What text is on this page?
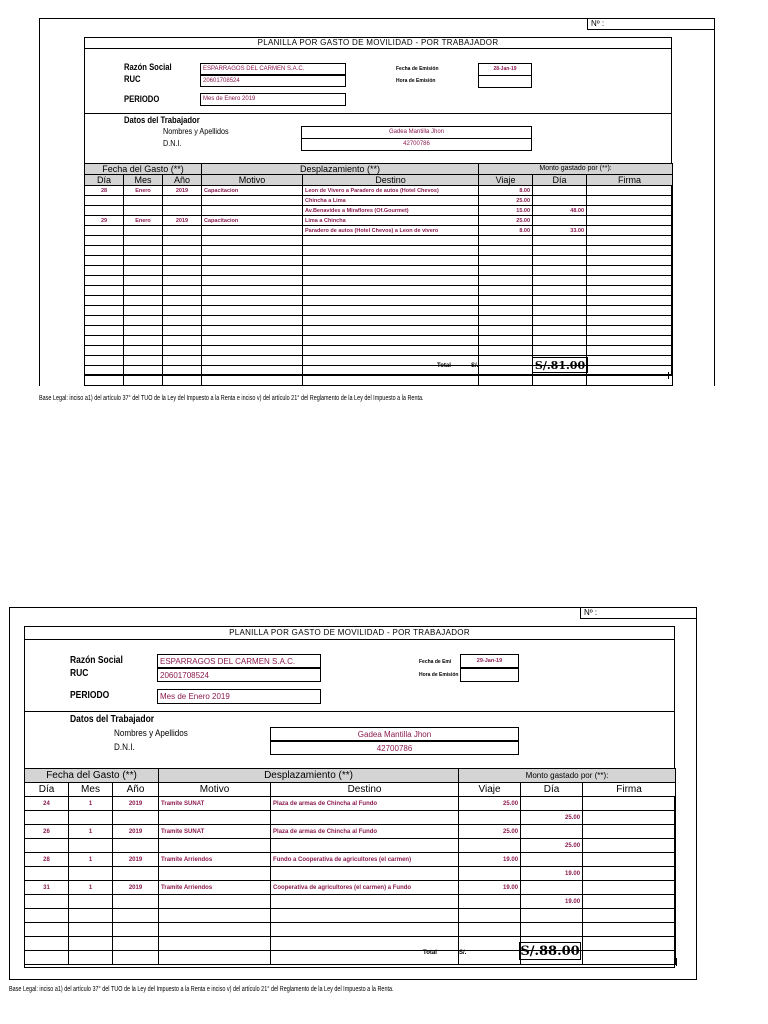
Nº :
PLANILLA POR GASTO DE MOVILIDAD - POR TRABAJADOR
Razón Social	ESPARRAGOS DEL CARMEN S.A.C.
RUC	20601708524
PERIODO	Mes de Enero 2019
Fecha de Emisión	28-Jan-19
Hora de Emisión
Datos del Trabajador
Nombres y Apellidos	Gadea Mantilla Jhon
D.N.I.	42700786
Fecha del Gasto (**)			Desplazamiento (**)		Monto gastado por (**):		
Día	Mes	Año	Motivo	Destino	Viaje	Día	Firma
28	Enero	2019	Capacitacion	Leon de Vivero a Paradero de autos (Hotel Chevos)	8.00		
				Chincha a Lima	25.00		
				Av.Benavides a Miraflores (Of.Gourmet)	15.00	48.00	
29	Enero	2019	Capacitacion	Lima a Chincha	25.00		
				Paradero de autos (Hotel Chevos) a Leon de vivero	8.00	33.00	

Total	S/.	S/.81.00
Base Legal: inciso a1) del artículo 37° del TUO de la Ley del Impuesto a la Renta e inciso v) del artículo 21° del Reglamento de la Ley del Impuesto a la Renta.
Nº :
PLANILLA POR GASTO DE MOVILIDAD - POR TRABAJADOR
Razón Social	ESPARRAGOS DEL CARMEN S.A.C.
RUC	20601708524
PERIODO	Mes de Enero 2019
Fecha de Emi	29-Jan-19
Hora de Emisión
Datos del Trabajador
Nombres y Apellidos	Gadea Mantilla Jhon
D.N.I.	42700786
Fecha del Gasto (**)			Desplazamiento (**)		Monto gastado por (**):		
Día	Mes	Año	Motivo	Destino	Viaje	Día	Firma
24	1	2019	Tramite SUNAT	Plaza de armas de Chincha al Fundo	25.00		
						25.00	
26	1	2019	Tramite SUNAT	Plaza de armas de Chincha al Fundo	25.00		
						25.00	
28	1	2019	Tramite Arriendos	Fundo a Cooperativa de agricultores (el carmen)	19.00		
						19.00	
31	1	2019	Tramite Arriendos	Cooperativa de agricultores (el carmen) a Fundo	19.00		
						19.00	

Total	S/.	S/.88.00
Base Legal: inciso a1) del artículo 37° del TUO de la Ley del Impuesto a la Renta e inciso v) del artículo 21° del Reglamento de la Ley del Impuesto a la Renta.
